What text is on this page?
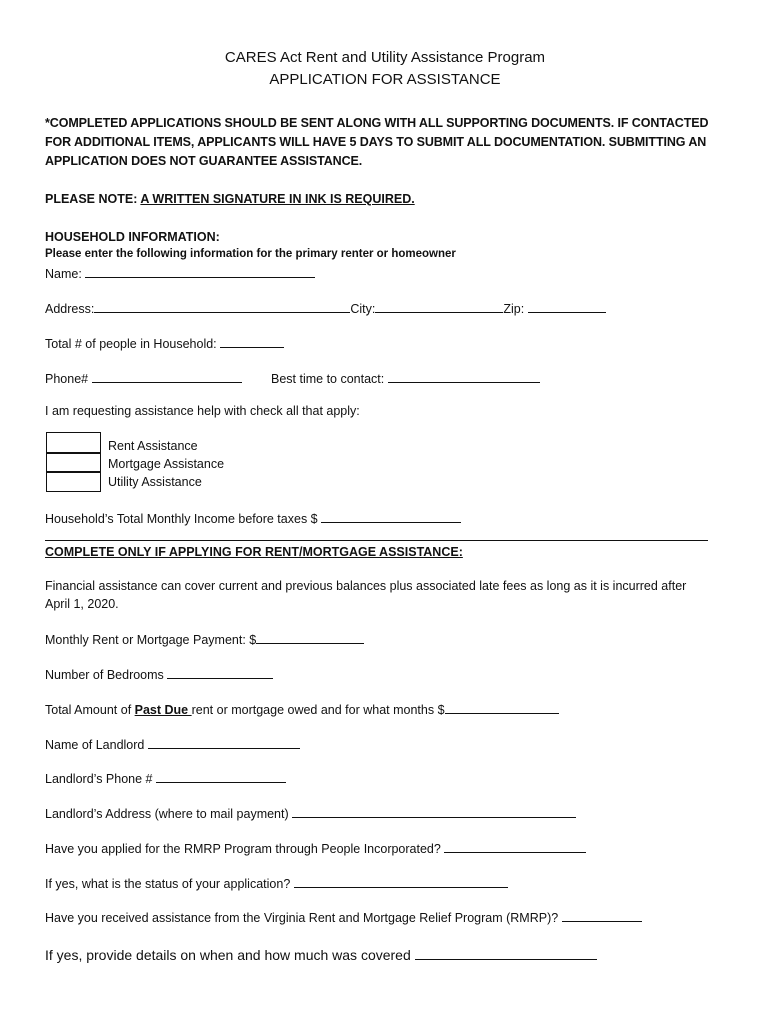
CARES Act Rent and Utility Assistance Program
APPLICATION FOR ASSISTANCE
*COMPLETED APPLICATIONS SHOULD BE SENT ALONG WITH ALL SUPPORTING DOCUMENTS. IF CONTACTED FOR ADDITIONAL ITEMS, APPLICANTS WILL HAVE 5 DAYS TO SUBMIT ALL DOCUMENTATION. SUBMITTING AN APPLICATION DOES NOT GUARANTEE ASSISTANCE.
PLEASE NOTE: A WRITTEN SIGNATURE IN INK IS REQUIRED.
HOUSEHOLD INFORMATION:
Please enter the following information for the primary renter or homeowner
Name:
Address:	City:	Zip:
Total # of people in Household:
Phone#	Best time to contact:
I am requesting assistance help with check all that apply:
Rent Assistance
Mortgage Assistance
Utility Assistance
Household’s Total Monthly Income before taxes $
COMPLETE ONLY IF APPLYING FOR RENT/MORTGAGE ASSISTANCE:
Financial assistance can cover current and previous balances plus associated late fees as long as it is incurred after
April 1, 2020.
Monthly Rent or Mortgage Payment: $
Number of Bedrooms
Total Amount of Past Due rent or mortgage owed and for what months $
Name of Landlord
Landlord’s Phone #
Landlord’s Address (where to mail payment)
Have you applied for the RMRP Program through People Incorporated?
If yes, what is the status of your application?
Have you received assistance from the Virginia Rent and Mortgage Relief Program (RMRP)?
If yes, provide details on when and how much was covered
